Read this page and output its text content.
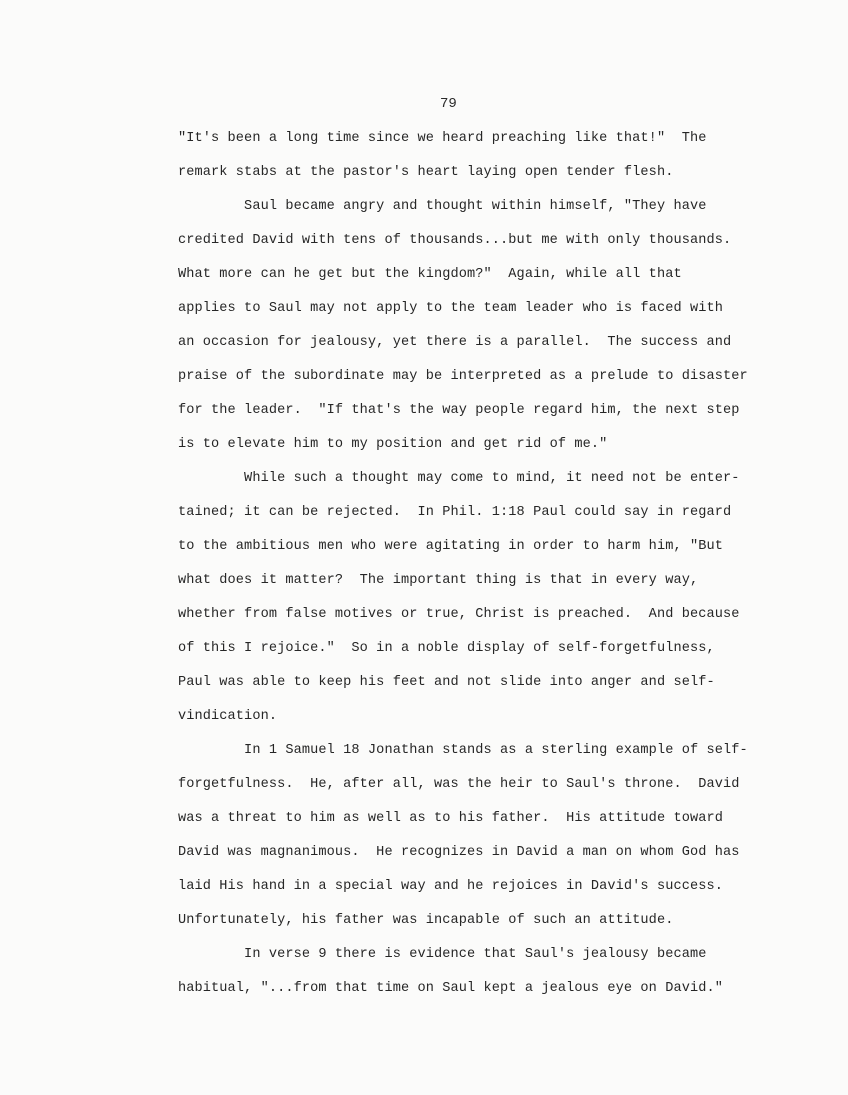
79
"It's been a long time since we heard preaching like that!"  The
remark stabs at the pastor's heart laying open tender flesh.
Saul became angry and thought within himself, "They have
credited David with tens of thousands...but me with only thousands.
What more can he get but the kingdom?"  Again, while all that
applies to Saul may not apply to the team leader who is faced with
an occasion for jealousy, yet there is a parallel.  The success and
praise of the subordinate may be interpreted as a prelude to disaster
for the leader.  "If that's the way people regard him, the next step
is to elevate him to my position and get rid of me."
While such a thought may come to mind, it need not be enter-
tained; it can be rejected.  In Phil. 1:18 Paul could say in regard
to the ambitious men who were agitating in order to harm him, "But
what does it matter?  The important thing is that in every way,
whether from false motives or true, Christ is preached.  And because
of this I rejoice."  So in a noble display of self-forgetfulness,
Paul was able to keep his feet and not slide into anger and self-
vindication.
In 1 Samuel 18 Jonathan stands as a sterling example of self-
forgetfulness.  He, after all, was the heir to Saul's throne.  David
was a threat to him as well as to his father.  His attitude toward
David was magnanimous.  He recognizes in David a man on whom God has
laid His hand in a special way and he rejoices in David's success.
Unfortunately, his father was incapable of such an attitude.
In verse 9 there is evidence that Saul's jealousy became
habitual, "...from that time on Saul kept a jealous eye on David."
